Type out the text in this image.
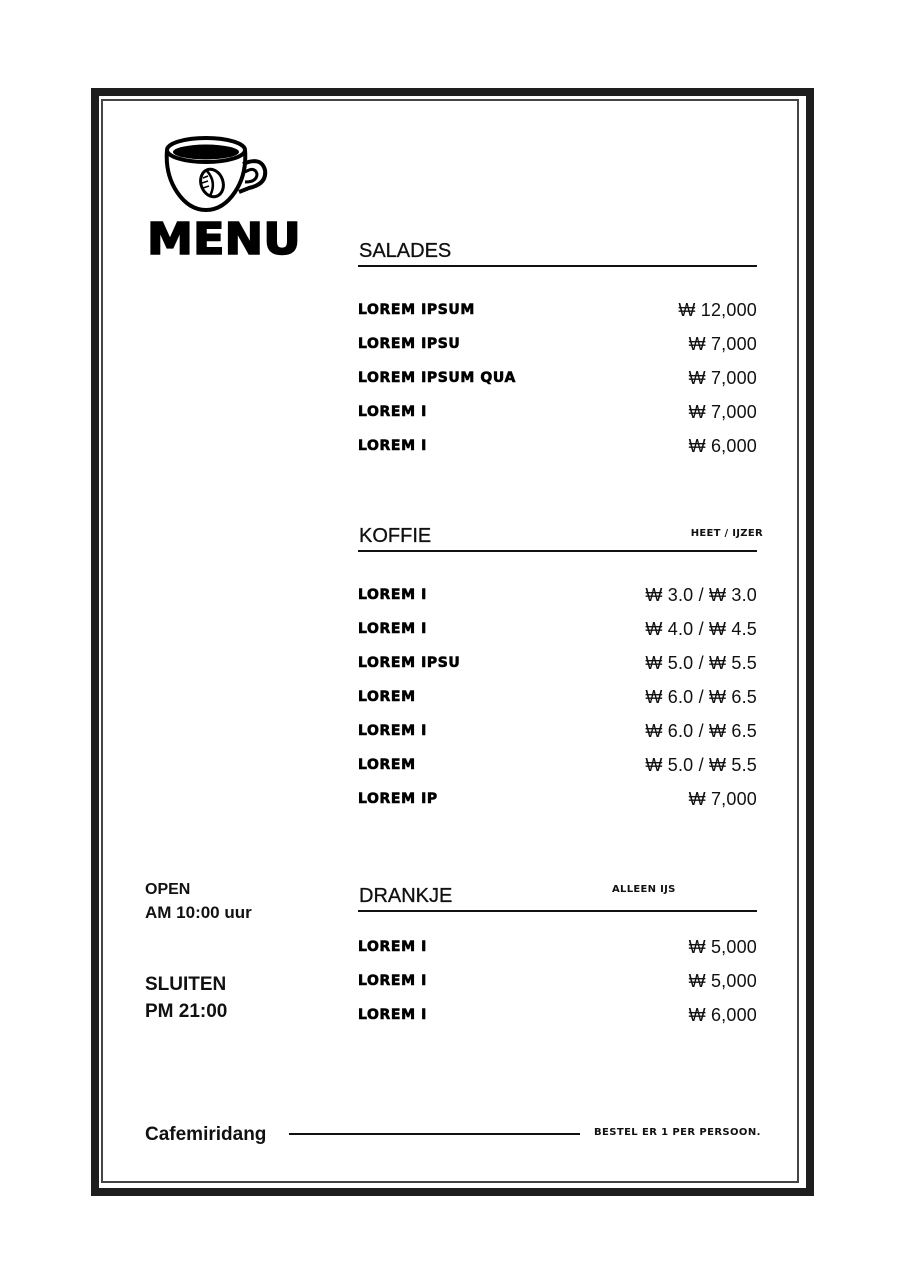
MENU	SALADES
LOREM IPSUM	₩ 12,000
LOREM IPSU	₩ 7,000
LOREM IPSUM QUA	₩ 7,000
LOREM I	₩ 7,000
LOREM I	₩ 6,000
KOFFIE	HEET / IJZER
LOREM I	₩ 3.0 / ₩ 3.0
LOREM I	₩ 4.0 / ₩ 4.5
LOREM IPSU	₩ 5.0 / ₩ 5.5
LOREM	₩ 6.0 / ₩ 6.5
LOREM I	₩ 6.0 / ₩ 6.5
LOREM	₩ 5.0 / ₩ 5.5
LOREM IP	₩ 7,000
DRANKJE	ALLEEN IJS
LOREM I	₩ 5,000
LOREM I	₩ 5,000
LOREM I	₩ 6,000
OPEN
AM 10:00 uur
SLUITEN
PM 21:00
Cafemiridang	BESTEL ER 1 PER PERSOON.
